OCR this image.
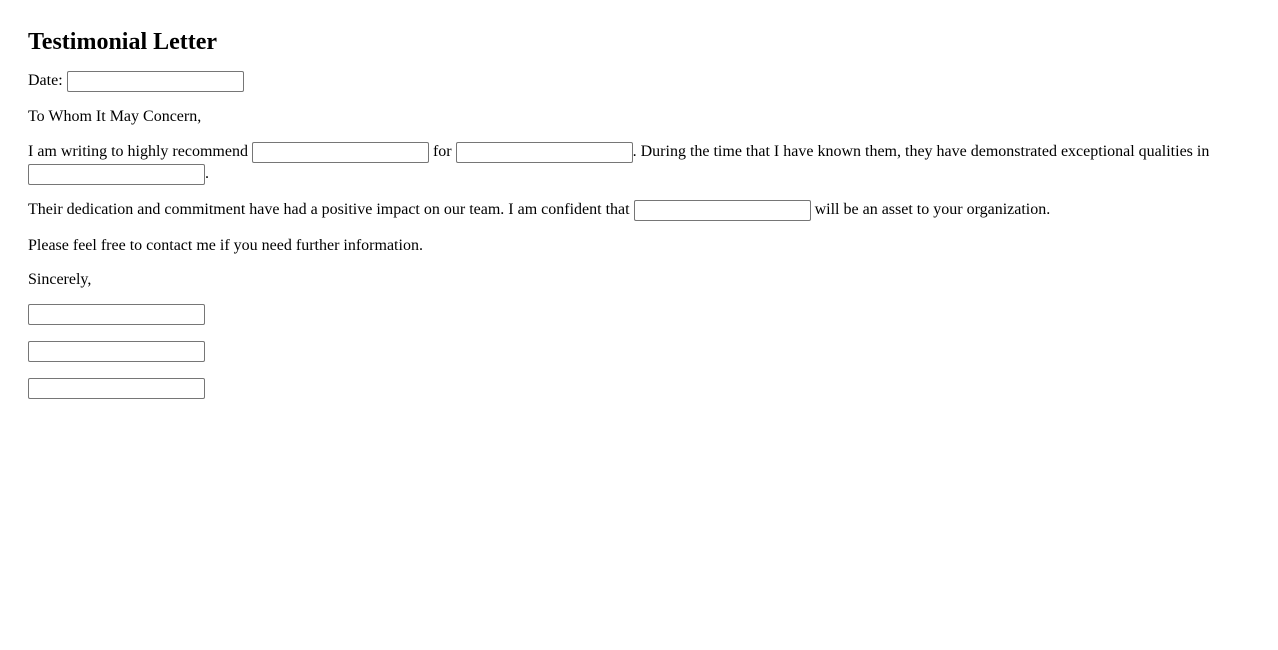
Testimonial Letter

Date:

To Whom It May Concern,

I am writing to highly recommend	for	. During the time that I have known them, they have demonstrated exceptional qualities in .

Their dedication and commitment have had a positive impact on our team. I am confident that	will be an asset to your organization.

Please feel free to contact me if you need further information.

Sincerely,
